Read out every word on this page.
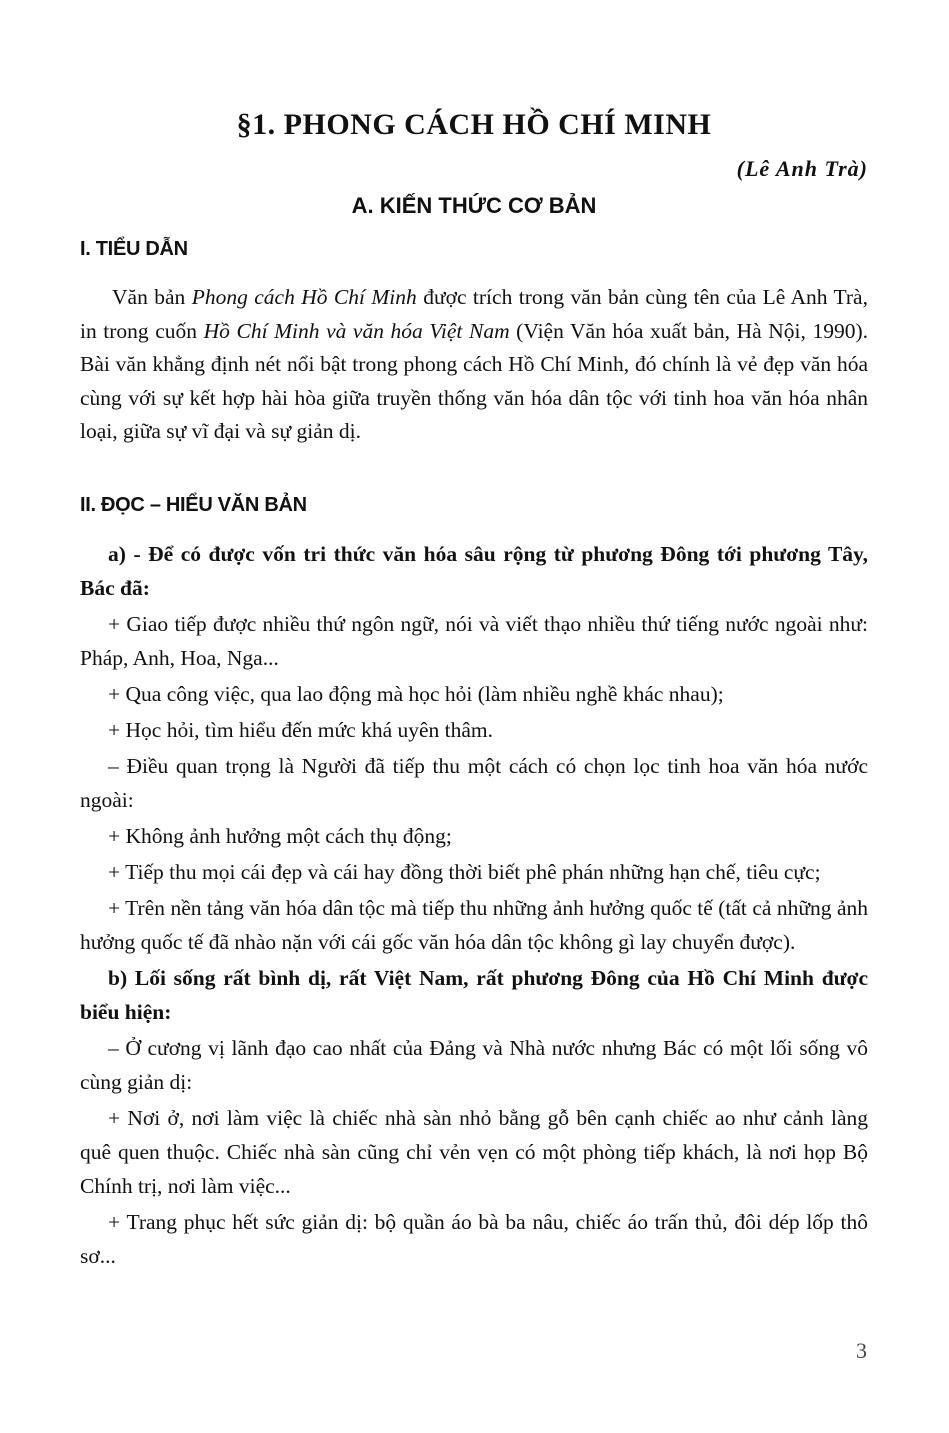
§1. PHONG CÁCH HỒ CHÍ MINH
(Lê Anh Trà)
A. KIẾN THỨC CƠ BẢN
I. TIỂU DẪN

Văn bản Phong cách Hồ Chí Minh được trích trong văn bản cùng tên của Lê Anh Trà, in trong cuốn Hồ Chí Minh và văn hóa Việt Nam (Viện Văn hóa xuất bản, Hà Nội, 1990). Bài văn khẳng định nét nổi bật trong phong cách Hồ Chí Minh, đó chính là vẻ đẹp văn hóa cùng với sự kết hợp hài hòa giữa truyền thống văn hóa dân tộc với tinh hoa văn hóa nhân loại, giữa sự vĩ đại và sự giản dị.

II. ĐỌC – HIỂU VĂN BẢN

a) - Để có được vốn tri thức văn hóa sâu rộng từ phương Đông tới phương Tây, Bác đã:

+ Giao tiếp được nhiều thứ ngôn ngữ, nói và viết thạo nhiều thứ tiếng nước ngoài như: Pháp, Anh, Hoa, Nga...

+ Qua công việc, qua lao động mà học hỏi (làm nhiều nghề khác nhau);

+ Học hỏi, tìm hiểu đến mức khá uyên thâm.

– Điều quan trọng là Người đã tiếp thu một cách có chọn lọc tinh hoa văn hóa nước ngoài:

+ Không ảnh hưởng một cách thụ động;

+ Tiếp thu mọi cái đẹp và cái hay đồng thời biết phê phán những hạn chế, tiêu cực;

+ Trên nền tảng văn hóa dân tộc mà tiếp thu những ảnh hưởng quốc tế (tất cả những ảnh hưởng quốc tế đã nhào nặn với cái gốc văn hóa dân tộc không gì lay chuyển được).

b) Lối sống rất bình dị, rất Việt Nam, rất phương Đông của Hồ Chí Minh được biểu hiện:

– Ở cương vị lãnh đạo cao nhất của Đảng và Nhà nước nhưng Bác có một lối sống vô cùng giản dị:

+ Nơi ở, nơi làm việc là chiếc nhà sàn nhỏ bằng gỗ bên cạnh chiếc ao như cảnh làng quê quen thuộc. Chiếc nhà sàn cũng chỉ vẻn vẹn có một phòng tiếp khách, là nơi họp Bộ Chính trị, nơi làm việc...

+ Trang phục hết sức giản dị: bộ quần áo bà ba nâu, chiếc áo trấn thủ, đôi dép lốp thô sơ...

3
